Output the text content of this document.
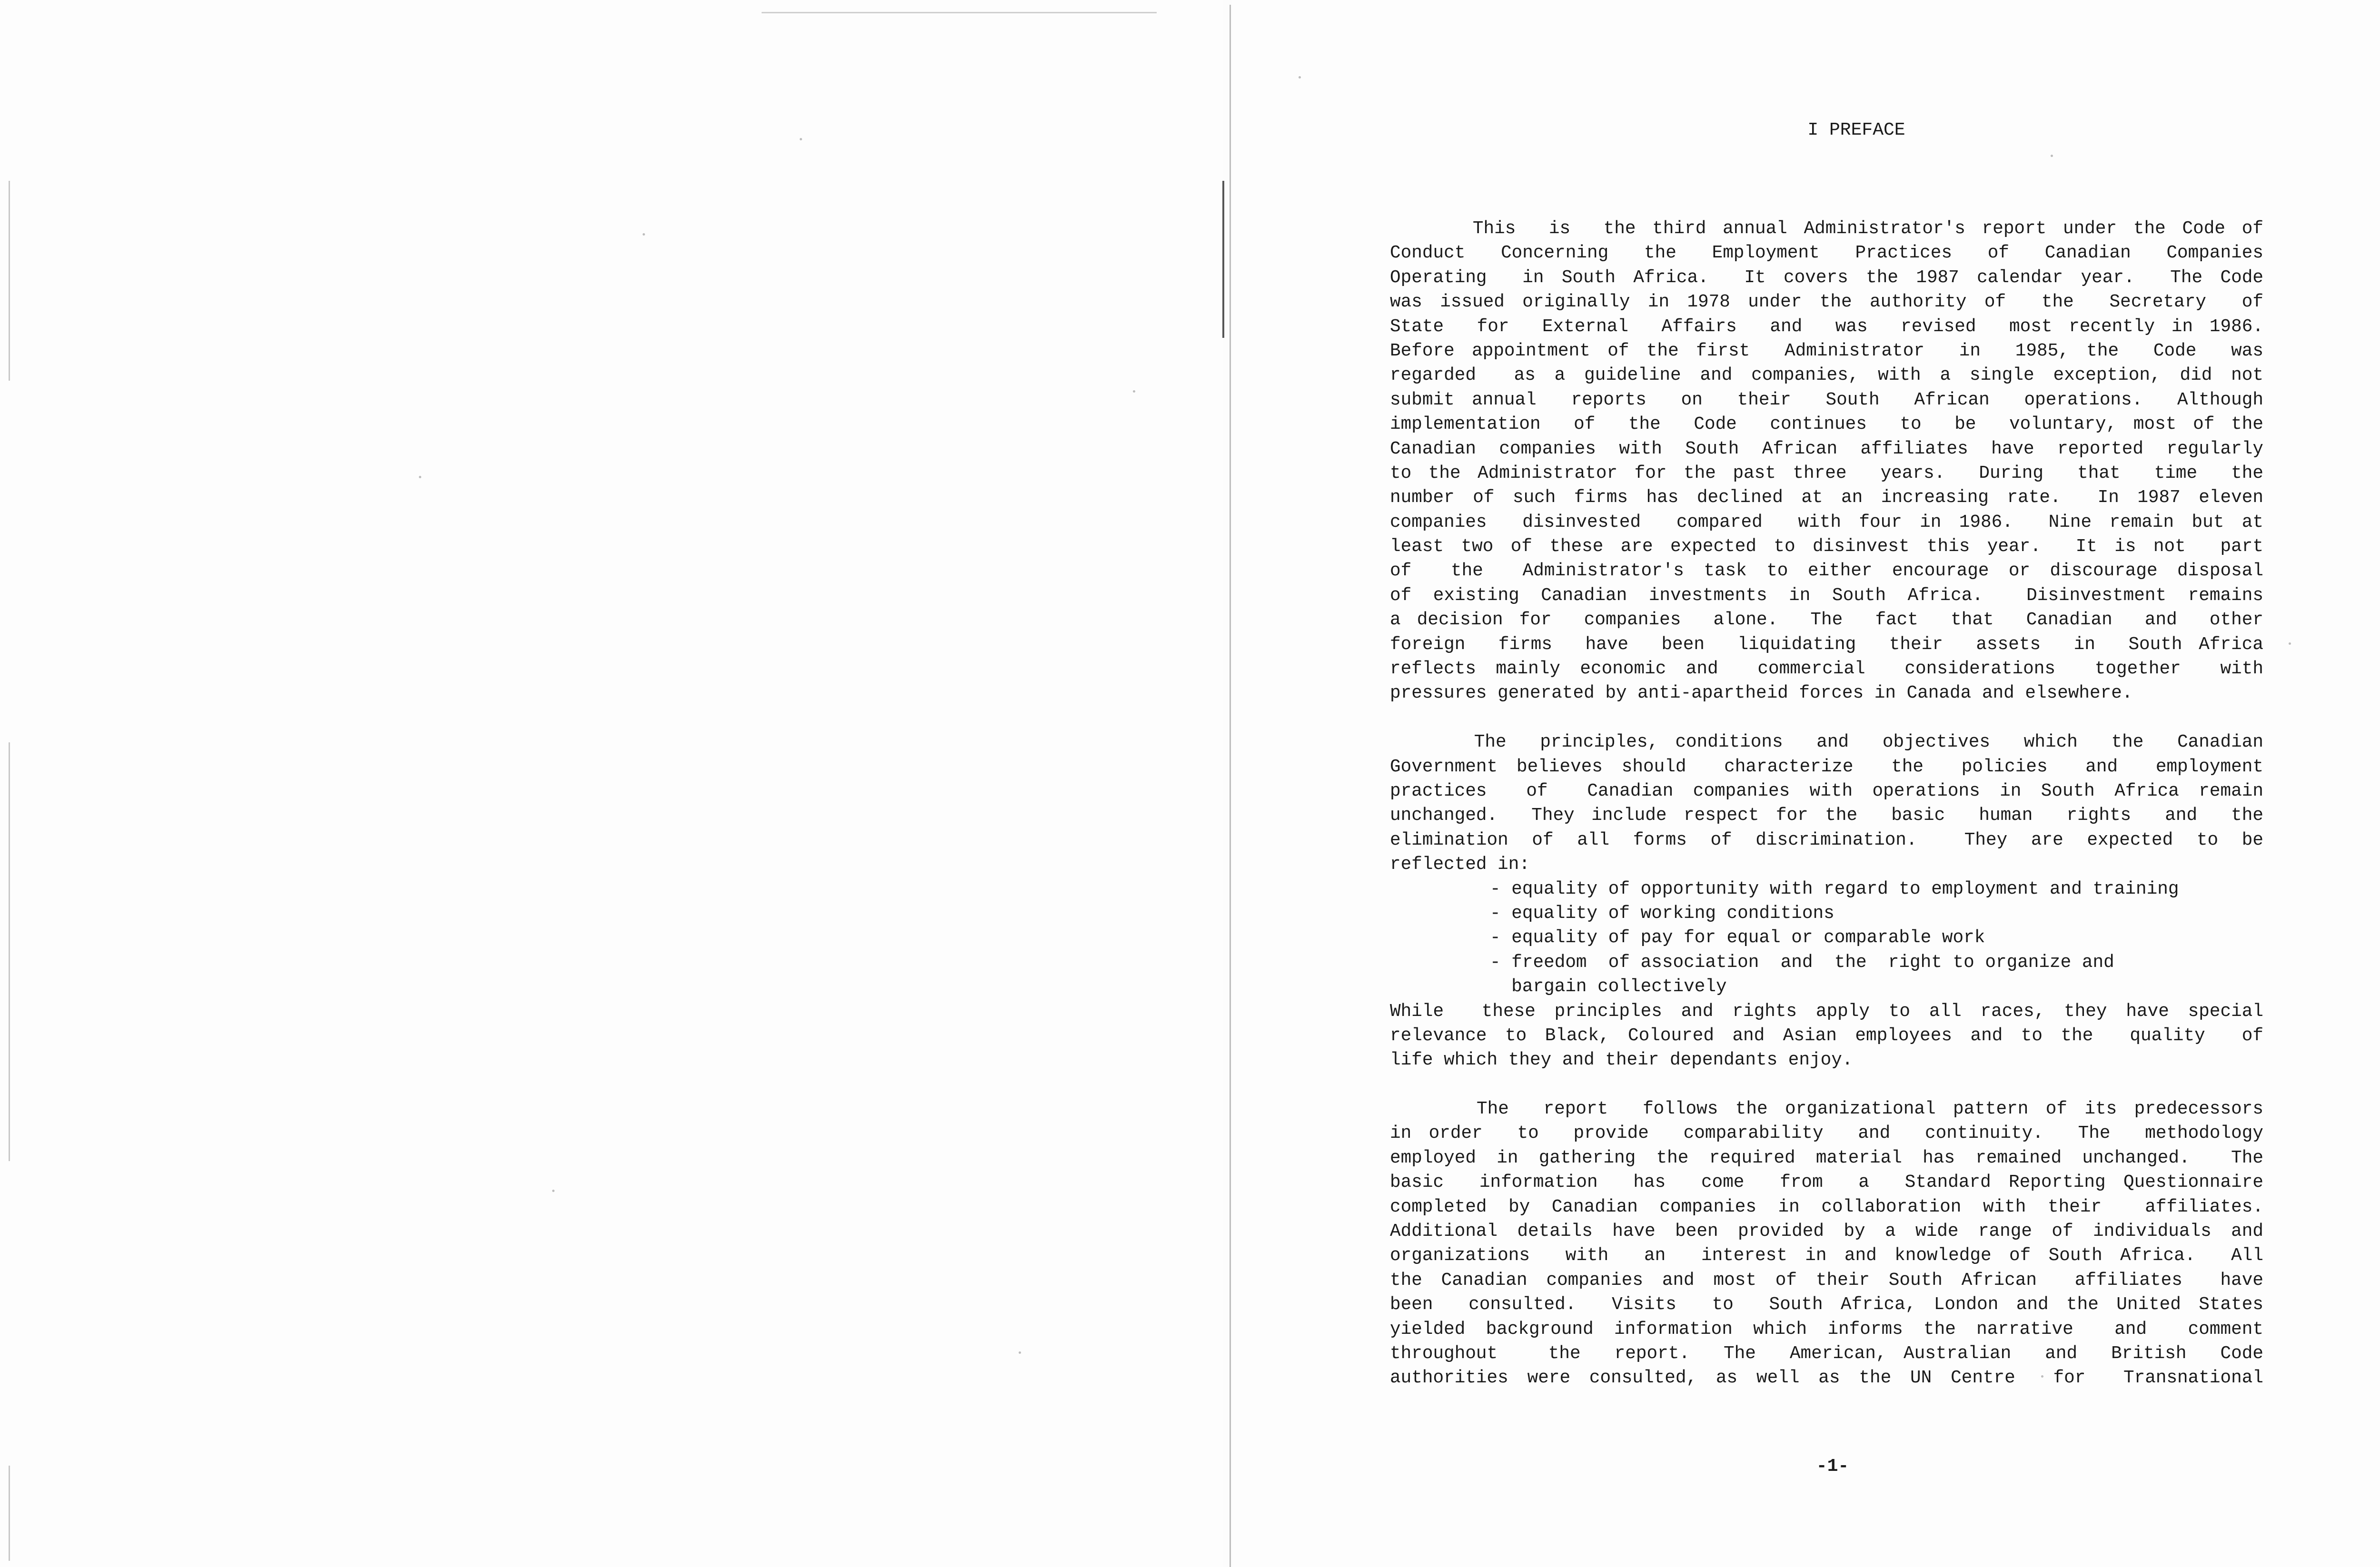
I PREFACE
This  is  the third annual Administrator's report under the Code of
Conduct  Concerning  the  Employment  Practices  of  Canadian  Companies
Operating  in South Africa.  It covers the 1987 calendar year.  The Code
was issued originally in 1978 under the authority of  the  Secretary  of
State  for  External  Affairs  and  was  revised  most recently in 1986.
Before appointment of the first  Administrator  in  1985, the  Code  was
regarded  as a guideline and companies, with a single exception, did not
submit annual  reports  on  their  South  African  operations.  Although
implementation  of  the  Code  continues  to  be  voluntary, most of the
Canadian companies with South African affiliates have reported regularly
to the Administrator for the past three  years.  During  that  time  the
number of such firms has declined at an increasing rate.  In 1987 eleven
companies  disinvested  compared  with four in 1986.  Nine remain but at
least two of these are expected to disinvest this year.  It is not  part
of  the  Administrator's task to either encourage or discourage disposal
of existing Canadian investments in South Africa.  Disinvestment remains
a decision for  companies  alone.  The  fact  that  Canadian  and  other
foreign  firms  have  been  liquidating  their  assets  in  South Africa
reflects mainly economic and  commercial  considerations  together  with
pressures generated by anti-apartheid forces in Canada and elsewhere.
The  principles, conditions  and  objectives  which  the  Canadian
Government believes should  characterize  the  policies  and  employment
practices  of  Canadian companies with operations in South Africa remain
unchanged.  They include respect for the  basic  human  rights  and  the
elimination of all forms of discrimination.  They are expected to be
reflected in:
- equality of opportunity with regard to employment and training
- equality of working conditions
- equality of pay for equal or comparable work
- freedom  of association  and  the  right to organize and
bargain collectively
While  these principles and rights apply to all races, they have special
relevance to Black, Coloured and Asian employees and to the  quality  of
life which they and their dependants enjoy.
The  report  follows the organizational pattern of its predecessors
in order  to  provide  comparability  and  continuity.  The  methodology
employed in gathering the required material has remained unchanged.  The
basic  information  has  come  from  a  Standard Reporting Questionnaire
completed by Canadian companies in collaboration with their  affiliates.
Additional details have been provided by a wide range of individuals and
organizations  with  an  interest in and knowledge of South Africa.  All
the Canadian companies and most of their South African  affiliates  have
been  consulted.  Visits  to  South Africa, London and the United States
yielded background information which informs the narrative  and  comment
throughout   the  report.  The  American, Australian  and  British  Code
authorities were consulted, as well as the UN Centre  for  Transnational
-1-
